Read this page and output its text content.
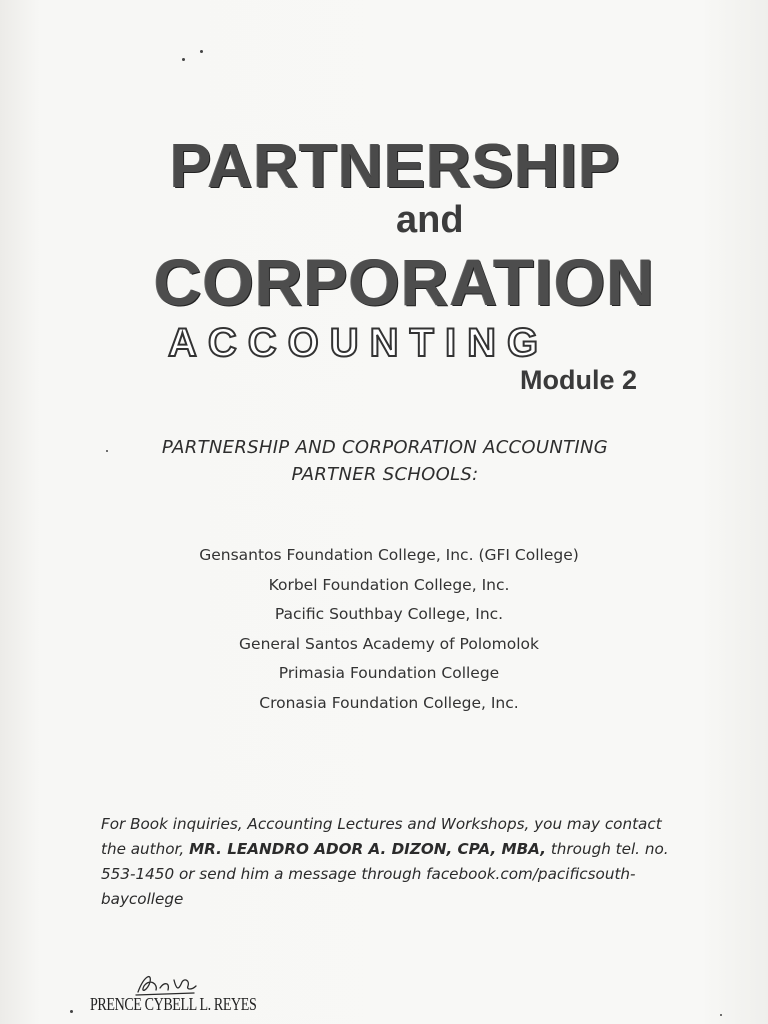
PARTNERSHIP
and
CORPORATION
ACCOUNTING
Module 2
PARTNERSHIP AND CORPORATION ACCOUNTING
PARTNER SCHOOLS:
Gensantos Foundation College, Inc. (GFI College)
Korbel Foundation College, Inc.
Pacific Southbay College, Inc.
General Santos Academy of Polomolok
Primasia Foundation College
Cronasia Foundation College, Inc.
For Book inquiries, Accounting Lectures and Workshops, you may contact the author, MR. LEANDRO ADOR A. DIZON, CPA, MBA, through tel. no. 553-1450 or send him a message through facebook.com/pacificsouth-baycollege
PRENCE CYBELL L. REYES
